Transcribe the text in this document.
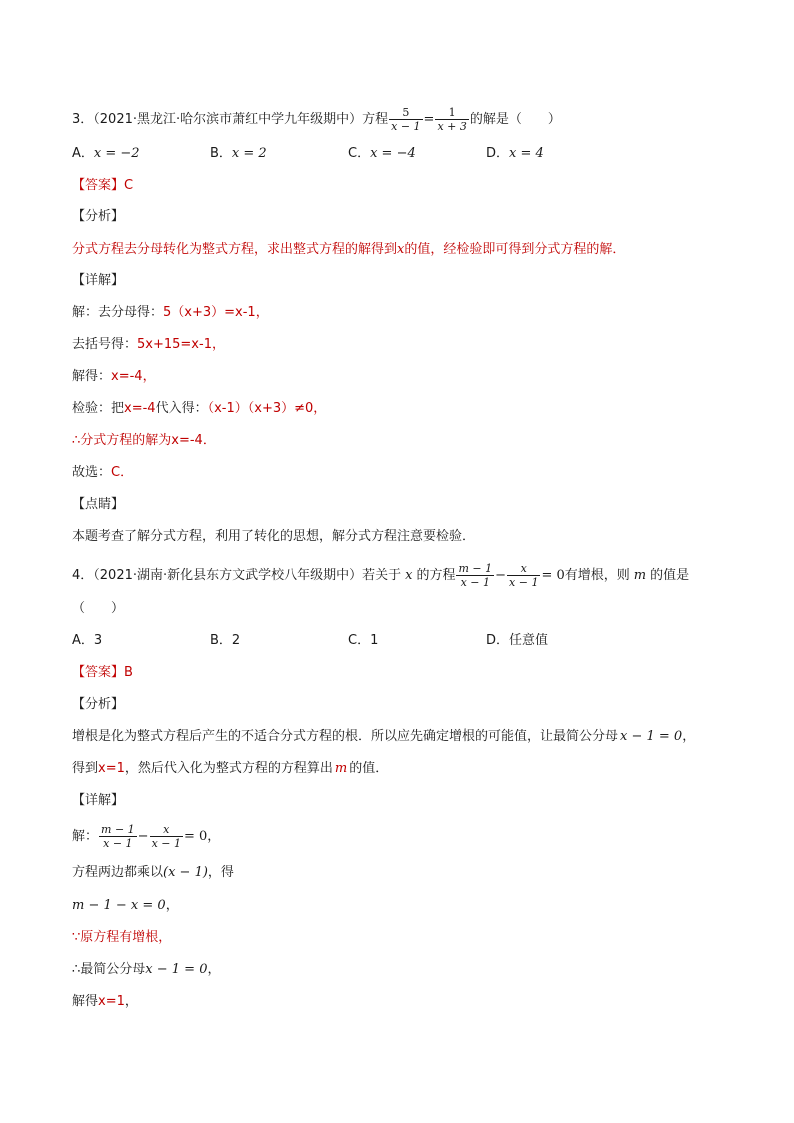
3．（2021·黑龙江·哈尔滨市萧红中学九年级期中）方程 $\frac{5}{x - 1} = \frac{1}{x + 3}$ 的解是（　　）
A．x = −2	B．x = 2	C．x = −4	D．x = 4
【答案】C
【分析】
分式方程去分母转化为整式方程，求出整式方程的解得到x的值，经检验即可得到分式方程的解．
【详解】
解：去分母得：5（x+3）=x-1，
去括号得：5x+15=x-1，
解得：x=-4，
检验：把x=-4代入得：（x-1）（x+3）≠0，
∴分式方程的解为x=-4．
故选：C．
【点睛】
本题考查了解分式方程，利用了转化的思想，解分式方程注意要检验．
4．（2021·湖南·新化县东方文武学校八年级期中）若关于 x 的方程 $\frac{m - 1}{x - 1} - \frac{x}{x - 1} = 0$有增根，则 m 的值是
（　　）
A．3	B．2	C．1	D．任意值
【答案】B
【分析】
增根是化为整式方程后产生的不适合分式方程的根．所以应先确定增根的可能值，让最简公分母 x − 1 = 0，
得到x=1，然后代入化为整式方程的方程算出 m 的值．
【详解】
解： $\frac{m - 1}{x - 1} - \frac{x}{x - 1} = 0$，
方程两边都乘以(x − 1)，得
m − 1 − x = 0，
∵原方程有增根，
∴最简公分母x − 1 = 0，
解得x=1，
